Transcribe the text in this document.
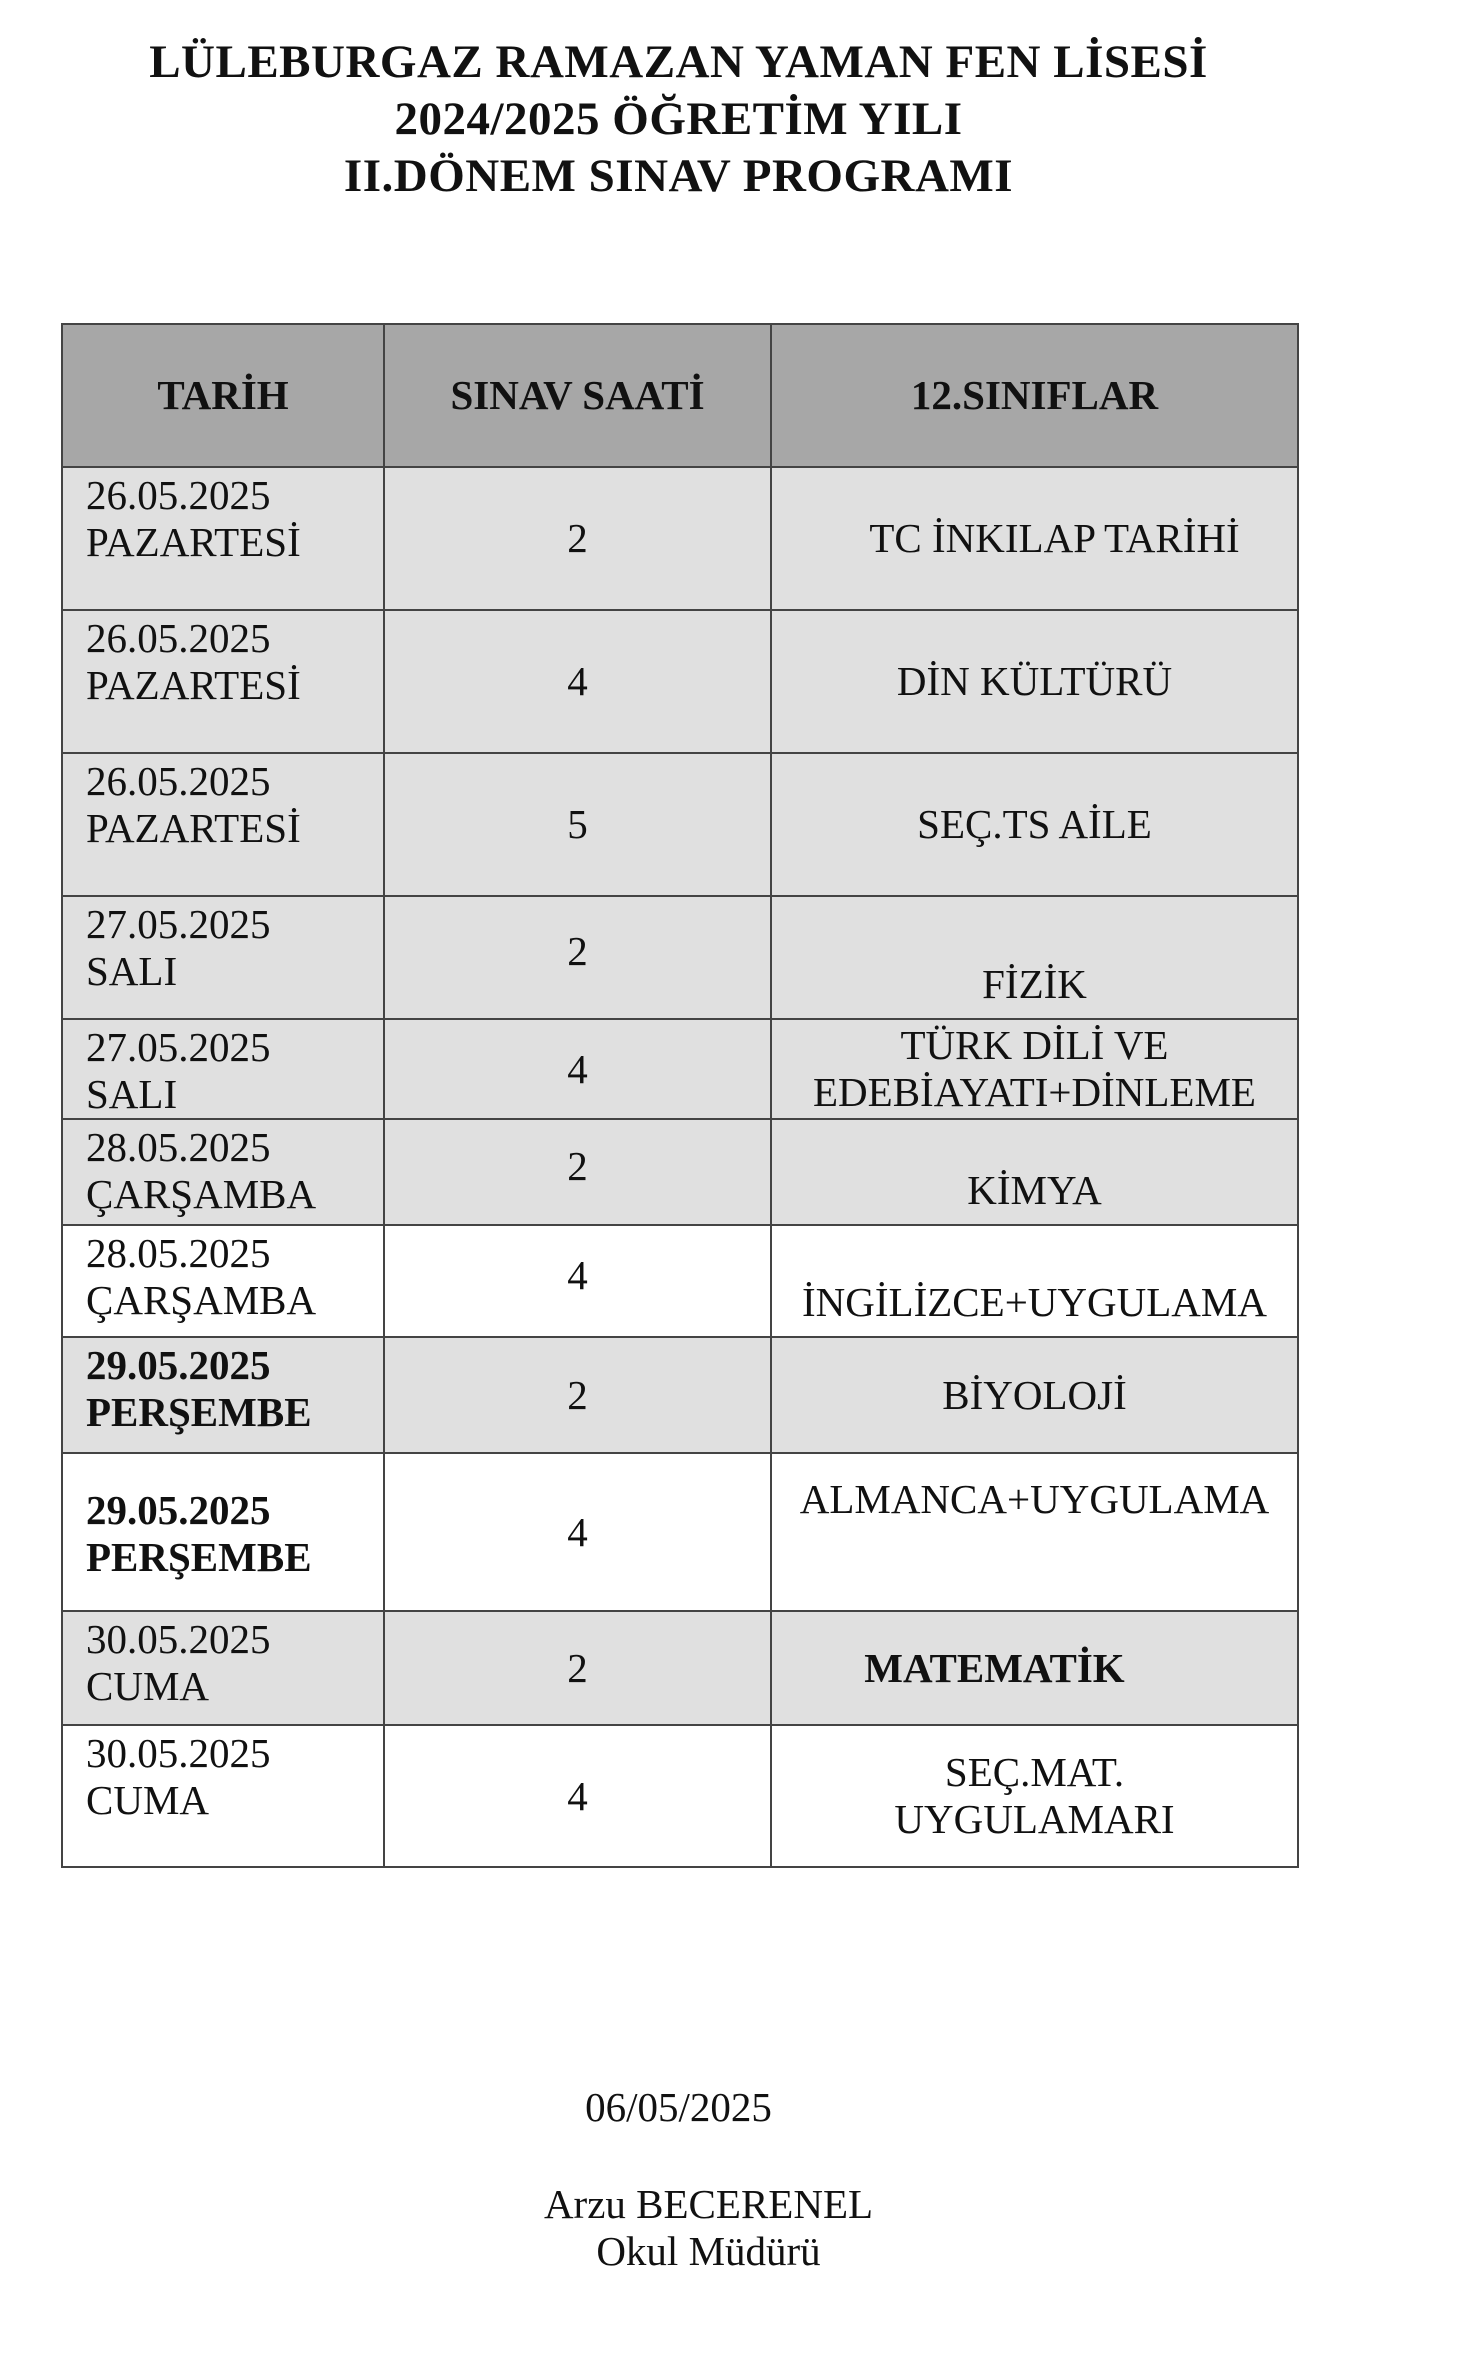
LÜLEBURGAZ RAMAZAN YAMAN FEN LİSESİ
2024/2025 ÖĞRETİM YILI
II.DÖNEM SINAV PROGRAMI
TARİH	SINAV SAATİ	12.SINIFLAR
26.05.2025
PAZARTESİ	2	TC İNKILAP TARİHİ
26.05.2025
PAZARTESİ	4	DİN KÜLTÜRÜ
26.05.2025
PAZARTESİ	5	SEÇ.TS AİLE
27.05.2025
SALI	2	FİZİK
27.05.2025
SALI	4	TÜRK DİLİ VE
EDEBİAYATI+DİNLEME
28.05.2025
ÇARŞAMBA	2	KİMYA
28.05.2025
ÇARŞAMBA	4	İNGİLİZCE+UYGULAMA
29.05.2025
PERŞEMBE	2	BİYOLOJİ
29.05.2025
PERŞEMBE	4	ALMANCA+UYGULAMA
30.05.2025
CUMA	2	MATEMATİK
30.05.2025
CUMA	4	SEÇ.MAT.
UYGULAMARI
06/05/2025
Arzu BECERENEL
Okul Müdürü
